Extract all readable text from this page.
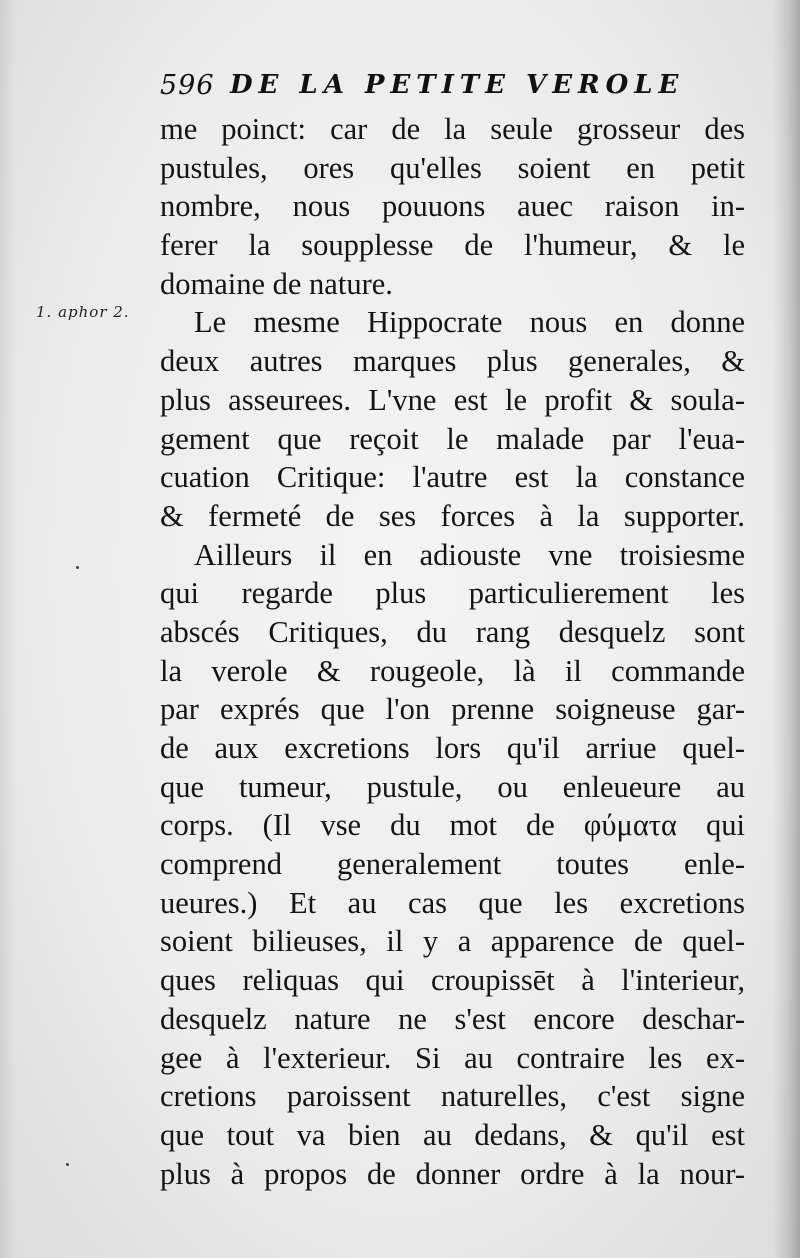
596 DE LA PETITE VEROLE
1. aphor 2.
me poinct: car de la seule grosseur des
pustules, ores qu'elles soient en petit
nombre, nous pouuons auec raison in-
ferer la soupplesse de l'humeur, & le
domaine de nature.
Le mesme Hippocrate nous en donne
deux autres marques plus generales, &
plus asseurees. L'vne est le profit & soula-
gement que reçoit le malade par l'eua-
cuation Critique: l'autre est la constance
& fermeté de ses forces à la supporter.
Ailleurs il en adiouste vne troisiesme
qui regarde plus particulierement les
abscés Critiques, du rang desquelz sont
la verole & rougeole, là il commande
par exprés que l'on prenne soigneuse gar-
de aux excretions lors qu'il arriue quel-
que tumeur, pustule, ou enleueure au
corps. (Il vse du mot de φύματα qui
comprend generalement toutes enle-
ueures.) Et au cas que les excretions
soient bilieuses, il y a apparence de quel-
ques reliquas qui croupissēt à l'interieur,
desquelz nature ne s'est encore deschar-
gee à l'exterieur. Si au contraire les ex-
cretions paroissent naturelles, c'est signe
que tout va bien au dedans, & qu'il est
plus à propos de donner ordre à la nour-
